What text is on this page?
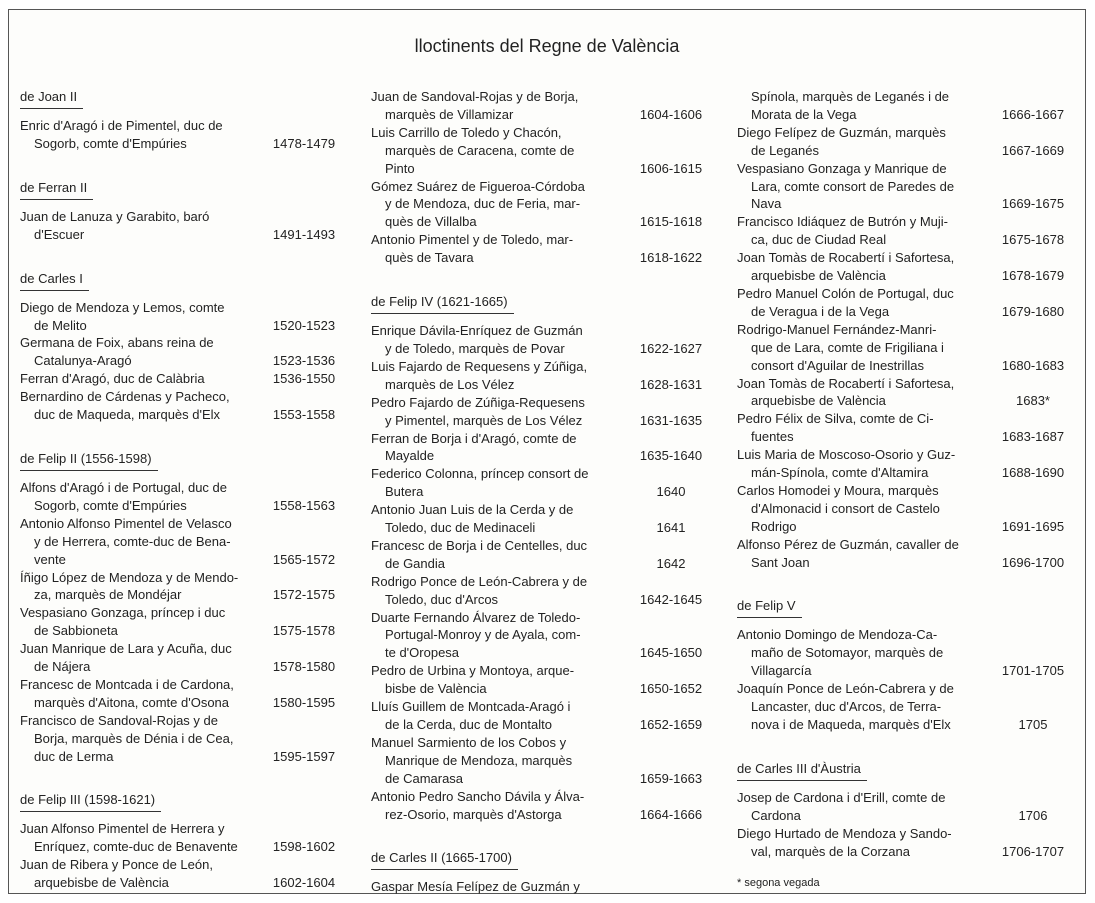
lloctinents del Regne de València
de Joan II
Enric d'Aragó i de Pimentel, duc de
Sogorb, comte d'Empúries	1478-1479
de Ferran II
Juan de Lanuza y Garabito, baró
d'Escuer	1491-1493
de Carles I
Diego de Mendoza y Lemos, comte
de Melito	1520-1523
Germana de Foix, abans reina de
Catalunya-Aragó	1523-1536
Ferran d'Aragó, duc de Calàbria	1536-1550
Bernardino de Cárdenas y Pacheco,
duc de Maqueda, marquès d'Elx	1553-1558
de Felip II (1556-1598)
Alfons d'Aragó i de Portugal, duc de
Sogorb, comte d'Empúries	1558-1563
Antonio Alfonso Pimentel de Velasco
y de Herrera, comte-duc de Bena-
vente	1565-1572
Íñigo López de Mendoza y de Mendo-
za, marquès de Mondéjar	1572-1575
Vespasiano Gonzaga, príncep i duc
de Sabbioneta	1575-1578
Juan Manrique de Lara y Acuña, duc
de Nájera	1578-1580
Francesc de Montcada i de Cardona,
marquès d'Aitona, comte d'Osona	1580-1595
Francisco de Sandoval-Rojas y de
Borja, marquès de Dénia i de Cea,
duc de Lerma	1595-1597
de Felip III (1598-1621)
Juan Alfonso Pimentel de Herrera y
Enríquez, comte-duc de Benavente	1598-1602
Juan de Ribera y Ponce de León,
arquebisbe de València	1602-1604
Juan de Sandoval-Rojas y de Borja,
marquès de Villamizar	1604-1606
Luis Carrillo de Toledo y Chacón,
marquès de Caracena, comte de
Pinto	1606-1615
Gómez Suárez de Figueroa-Córdoba
y de Mendoza, duc de Feria, mar-
quès de Villalba	1615-1618
Antonio Pimentel y de Toledo, mar-
quès de Tavara	1618-1622
de Felip IV (1621-1665)
Enrique Dávila-Enríquez de Guzmán
y de Toledo, marquès de Povar	1622-1627
Luis Fajardo de Requesens y Zúñiga,
marquès de Los Vélez	1628-1631
Pedro Fajardo de Zúñiga-Requesens
y Pimentel, marquès de Los Vélez	1631-1635
Ferran de Borja i d'Aragó, comte de
Mayalde	1635-1640
Federico Colonna, príncep consort de
Butera	1640
Antonio Juan Luis de la Cerda y de
Toledo, duc de Medinaceli	1641
Francesc de Borja i de Centelles, duc
de Gandia	1642
Rodrigo Ponce de León-Cabrera y de
Toledo, duc d'Arcos	1642-1645
Duarte Fernando Álvarez de Toledo-
Portugal-Monroy y de Ayala, com-
te d'Oropesa	1645-1650
Pedro de Urbina y Montoya, arque-
bisbe de València	1650-1652
Lluís Guillem de Montcada-Aragó i
de la Cerda, duc de Montalto	1652-1659
Manuel Sarmiento de los Cobos y
Manrique de Mendoza, marquès
de Camarasa	1659-1663
Antonio Pedro Sancho Dávila y Álva-
rez-Osorio, marquès d'Astorga	1664-1666
de Carles II (1665-1700)
Gaspar Mesía Felípez de Guzmán y
Spínola, marquès de Leganés i de
Morata de la Vega	1666-1667
Diego Felípez de Guzmán, marquès
de Leganés	1667-1669
Vespasiano Gonzaga y Manrique de
Lara, comte consort de Paredes de
Nava	1669-1675
Francisco Idiáquez de Butrón y Muji-
ca, duc de Ciudad Real	1675-1678
Joan Tomàs de Rocabertí i Safortesa,
arquebisbe de València	1678-1679
Pedro Manuel Colón de Portugal, duc
de Veragua i de la Vega	1679-1680
Rodrigo-Manuel Fernández-Manri-
que de Lara, comte de Frigiliana i
consort d'Aguilar de Inestrillas	1680-1683
Joan Tomàs de Rocabertí i Safortesa,
arquebisbe de València	1683*
Pedro Félix de Silva, comte de Ci-
fuentes	1683-1687
Luis Maria de Moscoso-Osorio y Guz-
mán-Spínola, comte d'Altamira	1688-1690
Carlos Homodei y Moura, marquès
d'Almonacid i consort de Castelo
Rodrigo	1691-1695
Alfonso Pérez de Guzmán, cavaller de
Sant Joan	1696-1700
de Felip V
Antonio Domingo de Mendoza-Ca-
maño de Sotomayor, marquès de
Villagarcía	1701-1705
Joaquín Ponce de León-Cabrera y de
Lancaster, duc d'Arcos, de Terra-
nova i de Maqueda, marquès d'Elx	1705
de Carles III d'Àustria
Josep de Cardona i d'Erill, comte de
Cardona	1706
Diego Hurtado de Mendoza y Sando-
val, marquès de la Corzana	1706-1707
* segona vegada
